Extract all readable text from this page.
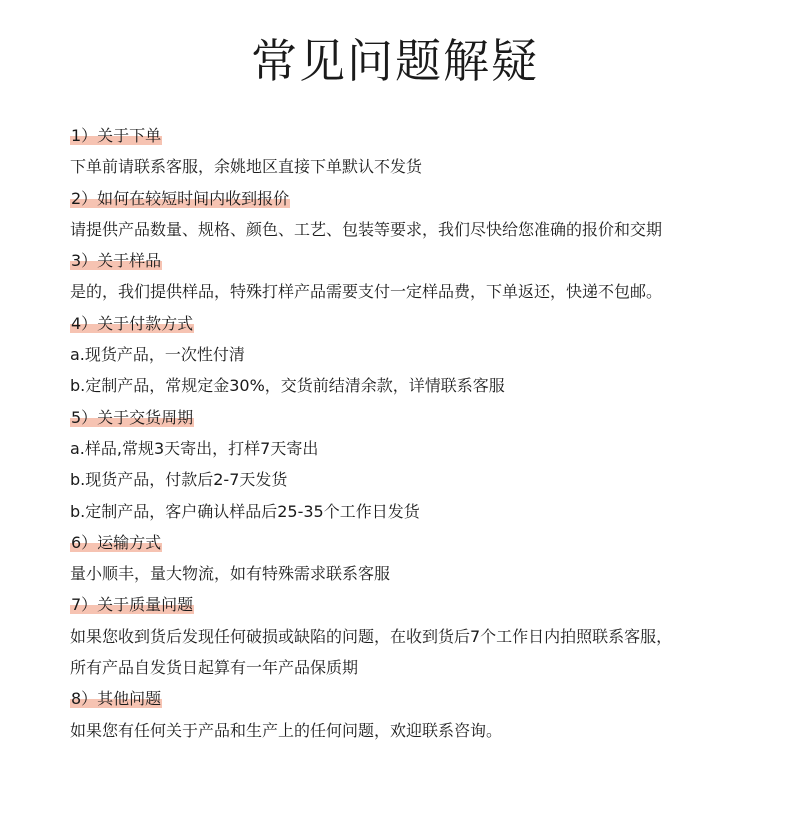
常见问题解疑
1）关于下单
下单前请联系客服，余姚地区直接下单默认不发货
2）如何在较短时间内收到报价
请提供产品数量、规格、颜色、工艺、包装等要求，我们尽快给您准确的报价和交期
3）关于样品
是的，我们提供样品，特殊打样产品需要支付一定样品费，下单返还，快递不包邮。
4）关于付款方式
a.现货产品，一次性付清
b.定制产品，常规定金30%，交货前结清余款，详情联系客服
5）关于交货周期
a.样品,常规3天寄出，打样7天寄出
b.现货产品，付款后2-7天发货
b.定制产品，客户确认样品后25-35个工作日发货
6）运输方式
量小顺丰，量大物流，如有特殊需求联系客服
7）关于质量问题
如果您收到货后发现任何破损或缺陷的问题，在收到货后7个工作日内拍照联系客服，
所有产品自发货日起算有一年产品保质期
8）其他问题
如果您有任何关于产品和生产上的任何问题，欢迎联系咨询。
